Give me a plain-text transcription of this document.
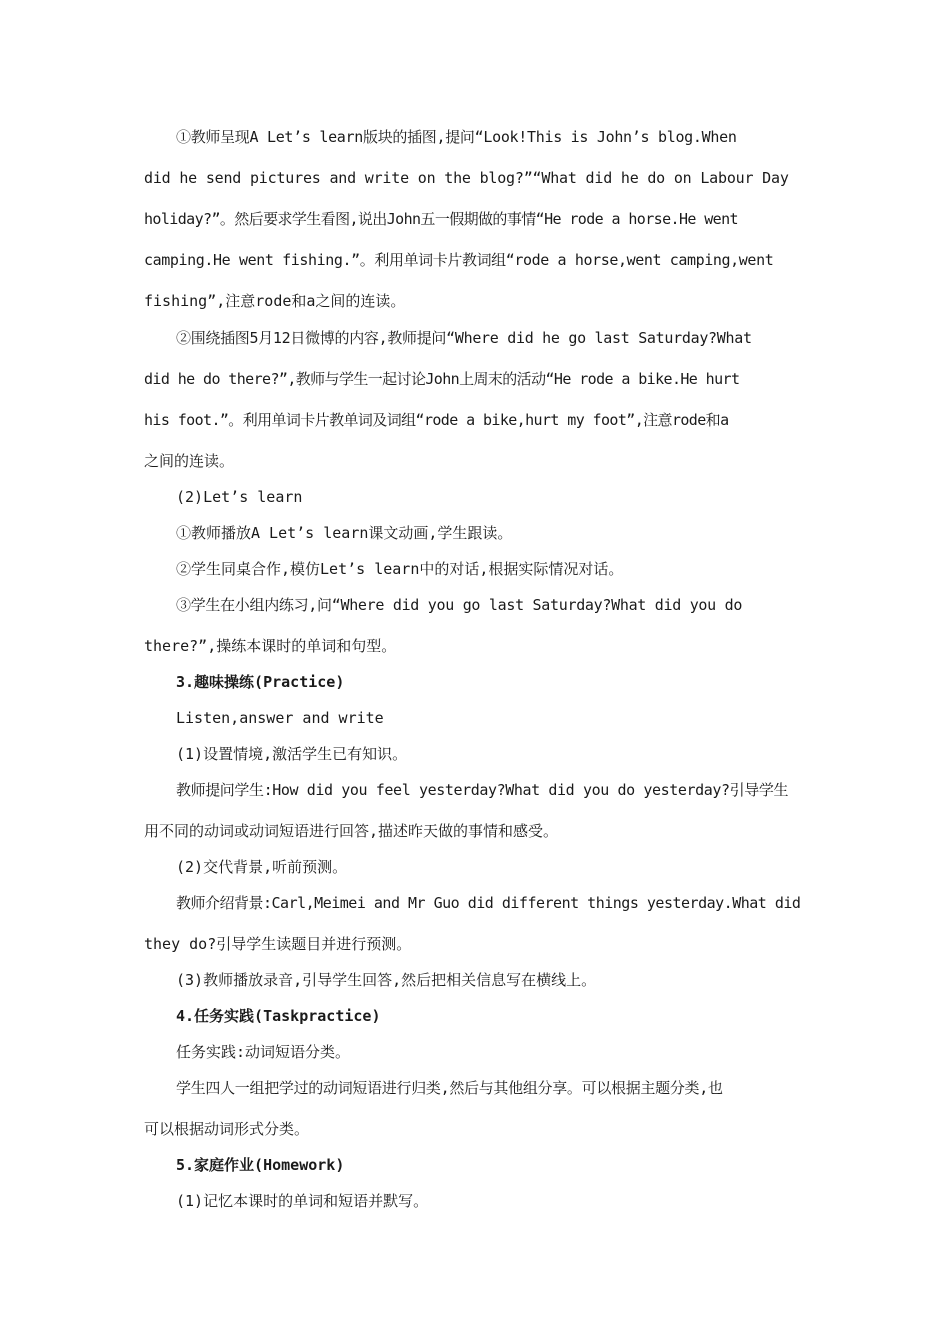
①教师呈现A Let’s learn版块的插图,提问“Look!This is John’s blog.When
did he send pictures and write on the blog?”“What did he do on Labour Day
holiday?”。然后要求学生看图,说出John五一假期做的事情“He rode a horse.He went
camping.He went fishing.”。利用单词卡片教词组“rode a horse,went camping,went
fishing”,注意rode和a之间的连读。
②围绕插图5月12日微博的内容,教师提问“Where did he go last Saturday?What
did he do there?”,教师与学生一起讨论John上周末的活动“He rode a bike.He hurt
his foot.”。利用单词卡片教单词及词组“rode a bike,hurt my foot”,注意rode和a
之间的连读。
(2)Let’s learn
①教师播放A Let’s learn课文动画,学生跟读。
②学生同桌合作,模仿Let’s learn中的对话,根据实际情况对话。
③学生在小组内练习,问“Where did you go last Saturday?What did you do
there?”,操练本课时的单词和句型。
3.趣味操练(Practice)
Listen,answer and write
(1)设置情境,激活学生已有知识。
教师提问学生:How did you feel yesterday?What did you do yesterday?引导学生
用不同的动词或动词短语进行回答,描述昨天做的事情和感受。
(2)交代背景,听前预测。
教师介绍背景:Carl,Meimei and Mr Guo did different things yesterday.What did
they do?引导学生读题目并进行预测。
(3)教师播放录音,引导学生回答,然后把相关信息写在横线上。
4.任务实践(Taskpractice)
任务实践:动词短语分类。
学生四人一组把学过的动词短语进行归类,然后与其他组分享。可以根据主题分类,也
可以根据动词形式分类。
5.家庭作业(Homework)
(1)记忆本课时的单词和短语并默写。
